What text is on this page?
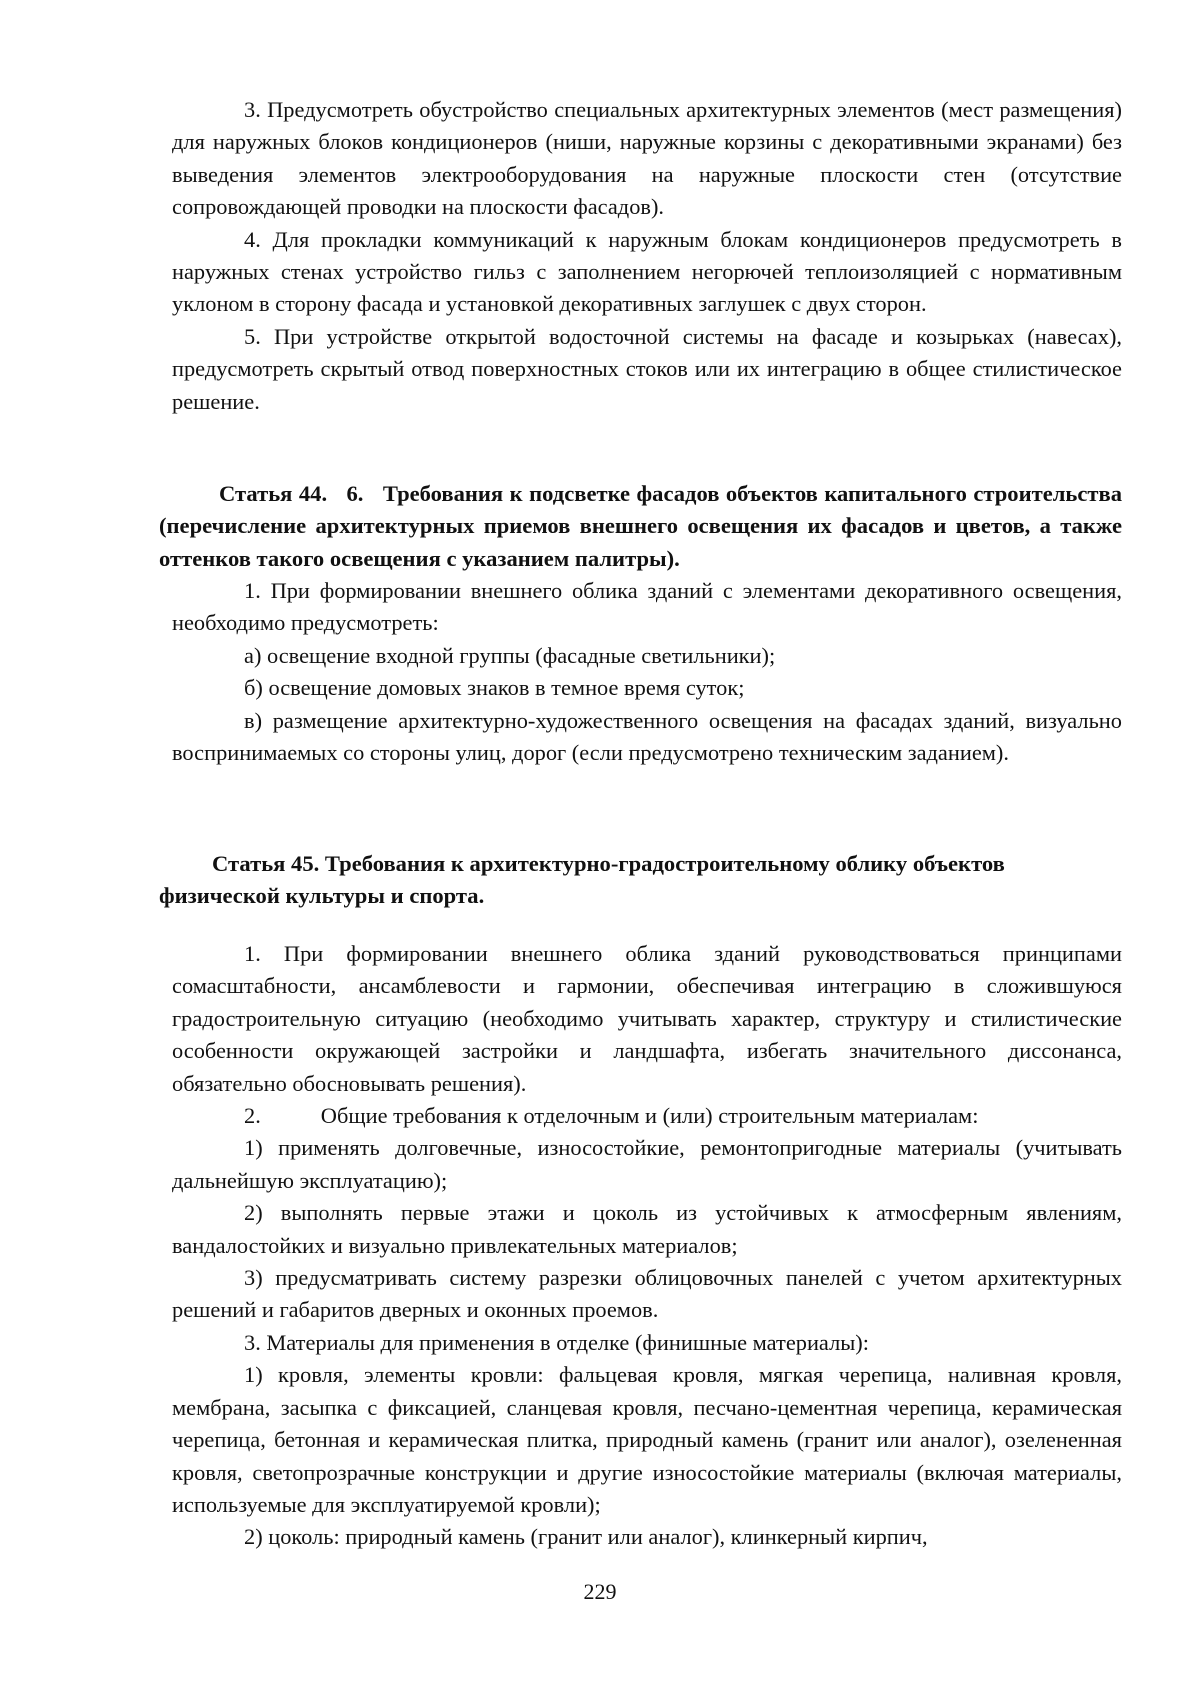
3. Предусмотреть обустройство специальных архитектурных элементов (мест размещения) для наружных блоков кондиционеров (ниши, наружные корзины с декоративными экранами) без выведения элементов электрооборудования на наружные плоскости стен (отсутствие сопровождающей проводки на плоскости фасадов).

4. Для прокладки коммуникаций к наружным блокам кондиционеров предусмотреть в наружных стенах устройство гильз с заполнением негорючей теплоизоляцией с нормативным уклоном в сторону фасада и установкой декоративных заглушек с двух сторон.

5. При устройстве открытой водосточной системы на фасаде и козырьках (навесах), предусмотреть скрытый отвод поверхностных стоков или их интеграцию в общее стилистическое решение.

Статья 44.   6.   Требования к подсветке фасадов объектов капитального строительства (перечисление архитектурных приемов внешнего освещения их фасадов и цветов, а также оттенков такого освещения с указанием палитры).

1. При формировании внешнего облика зданий с элементами декоративного освещения, необходимо предусмотреть:

а) освещение входной группы (фасадные светильники);

б) освещение домовых знаков в темное время суток;

в) размещение архитектурно-художественного освещения на фасадах зданий, визуально воспринимаемых со стороны улиц, дорог (если предусмотрено техническим заданием).

Статья 45. Требования к архитектурно-градостроительному облику объектов физической культуры и спорта.

1. При формировании внешнего облика зданий руководствоваться принципами сомасштабности, ансамблевости и гармонии, обеспечивая интеграцию в сложившуюся градостроительную ситуацию (необходимо учитывать характер, структуру и стилистические особенности окружающей застройки и ландшафта, избегать значительного диссонанса, обязательно обосновывать решения).

2.	Общие требования к отделочным и (или) строительным материалам:

1) применять долговечные, износостойкие, ремонтопригодные материалы (учитывать дальнейшую эксплуатацию);

2) выполнять первые этажи и цоколь из устойчивых к атмосферным явлениям, вандалостойких и визуально привлекательных материалов;

3) предусматривать систему разрезки облицовочных панелей с учетом архитектурных решений и габаритов дверных и оконных проемов.

3. Материалы для применения в отделке (финишные материалы):

1) кровля, элементы кровли: фальцевая кровля, мягкая черепица, наливная кровля, мембрана, засыпка с фиксацией, сланцевая кровля, песчано-цементная черепица, керамическая черепица, бетонная и керамическая плитка, природный камень (гранит или аналог), озелененная кровля, светопрозрачные конструкции и другие износостойкие материалы (включая материалы, используемые для эксплуатируемой кровли);

2) цоколь: природный камень (гранит или аналог), клинкерный кирпич,

229
